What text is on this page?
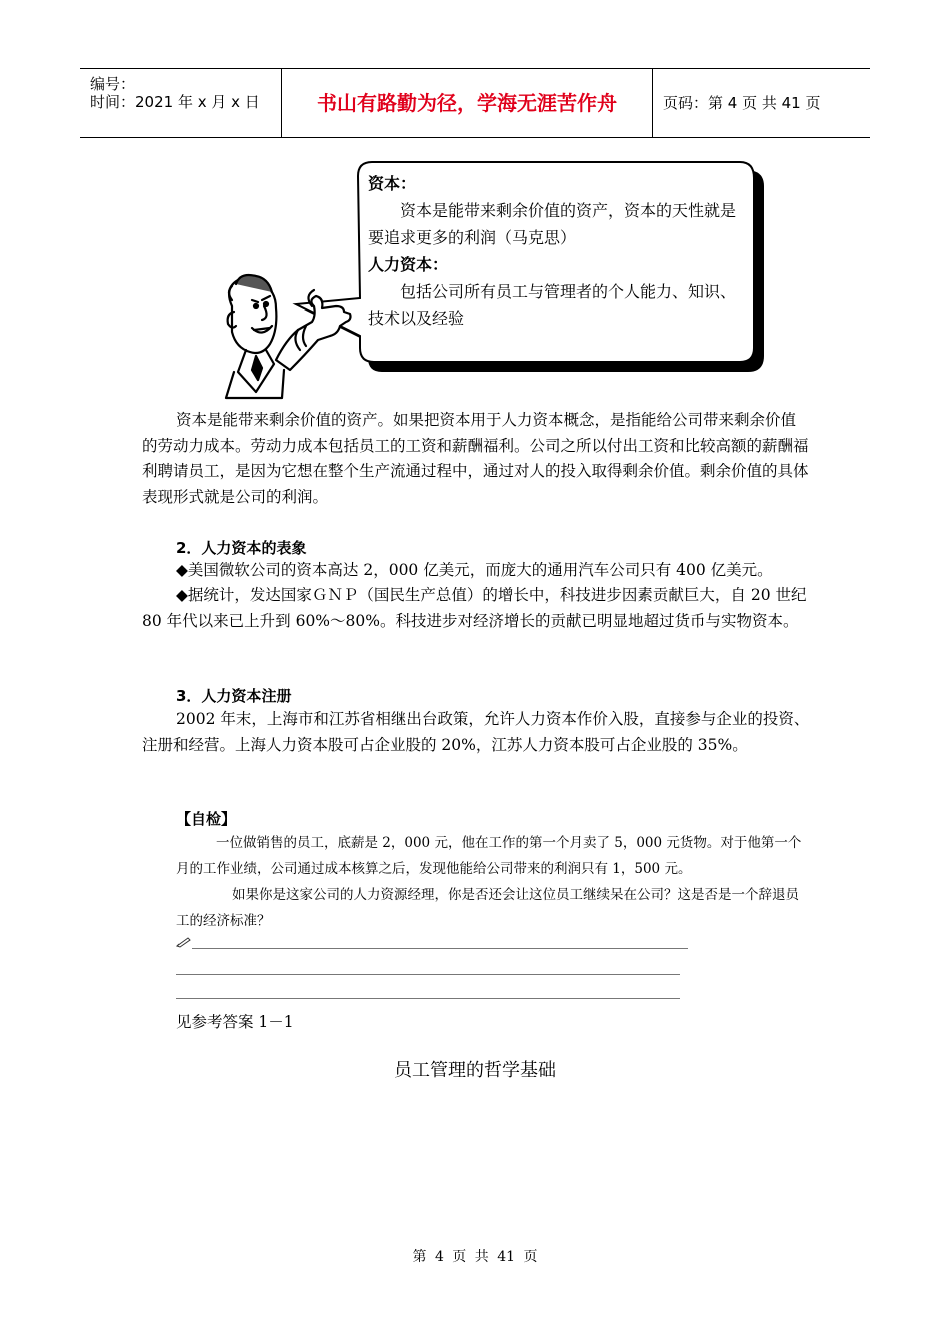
编号：
时间：2021 年 x 月 x 日	书山有路勤为径，学海无涯苦作舟	页码：第 4 页 共 41 页
资本：
资本是能带来剩余价值的资产，资本的天性就是要追求更多的利润（马克思）
人力资本：
包括公司所有员工与管理者的个人能力、知识、技术以及经验
资本是能带来剩余价值的资产。如果把资本用于人力资本概念，是指能给公司带来剩余价值的劳动力成本。劳动力成本包括员工的工资和薪酬福利。公司之所以付出工资和比较高额的薪酬福利聘请员工，是因为它想在整个生产流通过程中，通过对人的投入取得剩余价值。剩余价值的具体表现形式就是公司的利润。
2．人力资本的表象
◆美国微软公司的资本高达 2，000 亿美元，而庞大的通用汽车公司只有 400 亿美元。
◆据统计，发达国家ＧＮＰ（国民生产总值）的增长中，科技进步因素贡献巨大，自 20 世纪 80 年代以来已上升到 60%～80%。科技进步对经济增长的贡献已明显地超过货币与实物资本。
3．人力资本注册
2002 年末，上海市和江苏省相继出台政策，允许人力资本作价入股，直接参与企业的投资、注册和经营。上海人力资本股可占企业股的 20%，江苏人力资本股可占企业股的 35%。
【自检】
一位做销售的员工，底薪是 2，000 元，他在工作的第一个月卖了 5，000 元货物。对于他第一个月的工作业绩，公司通过成本核算之后，发现他能给公司带来的利润只有 1，500 元。
如果你是这家公司的人力资源经理，你是否还会让这位员工继续呆在公司？这是否是一个辞退员工的经济标准？
见参考答案 1－1
员工管理的哲学基础
第 4 页 共 41 页
